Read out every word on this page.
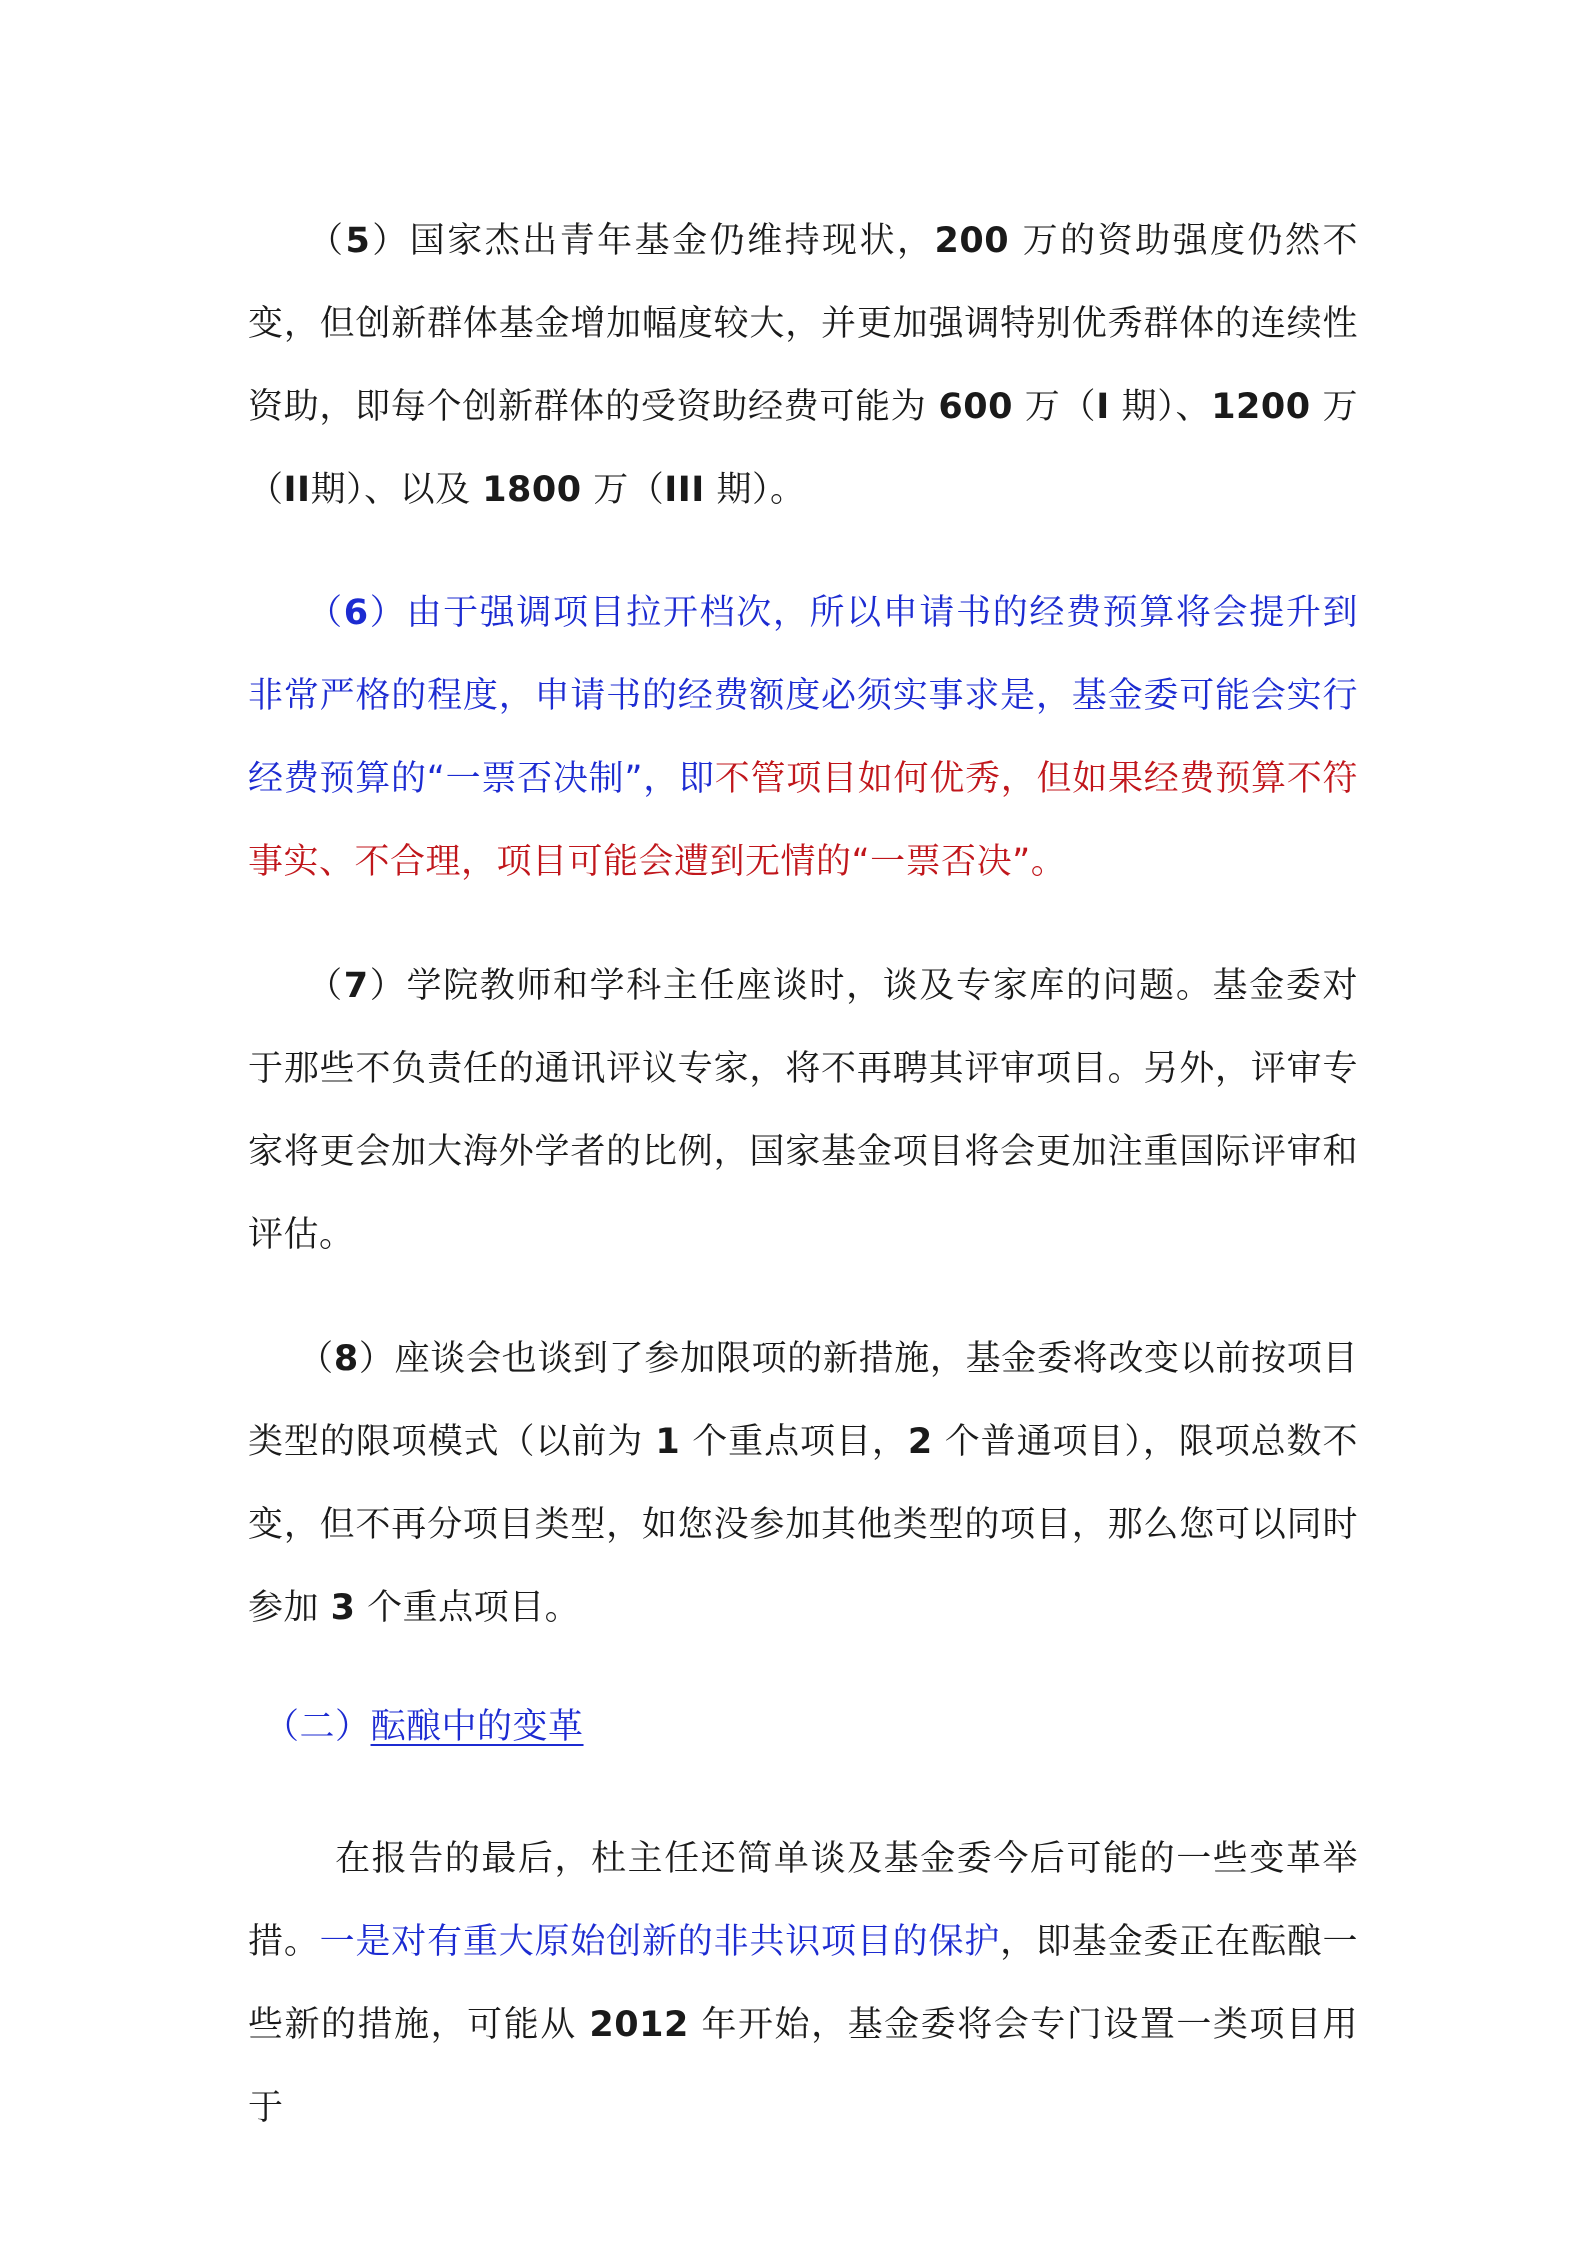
（5）国家杰出青年基金仍维持现状，200 万的资助强度仍然不变，但创新群体基金增加幅度较大，并更加强调特别优秀群体的连续性资助，即每个创新群体的受资助经费可能为 600 万（I 期）、1200 万（II期）、以及 1800 万（III 期）。

（6）由于强调项目拉开档次，所以申请书的经费预算将会提升到非常严格的程度，申请书的经费额度必须实事求是，基金委可能会实行经费预算的“一票否决制”，即不管项目如何优秀，但如果经费预算不符事实、不合理，项目可能会遭到无情的“一票否决”。

（7）学院教师和学科主任座谈时，谈及专家库的问题。基金委对于那些不负责任的通讯评议专家，将不再聘其评审项目。另外，评审专家将更会加大海外学者的比例，国家基金项目将会更加注重国际评审和评估。

（8）座谈会也谈到了参加限项的新措施，基金委将改变以前按项目类型的限项模式（以前为 1 个重点项目，2 个普通项目），限项总数不变，但不再分项目类型，如您没参加其他类型的项目，那么您可以同时参加 3 个重点项目。

（二）酝酿中的变革

在报告的最后，杜主任还简单谈及基金委今后可能的一些变革举措。一是对有重大原始创新的非共识项目的保护，即基金委正在酝酿一些新的措施，可能从 2012 年开始，基金委将会专门设置一类项目用于
